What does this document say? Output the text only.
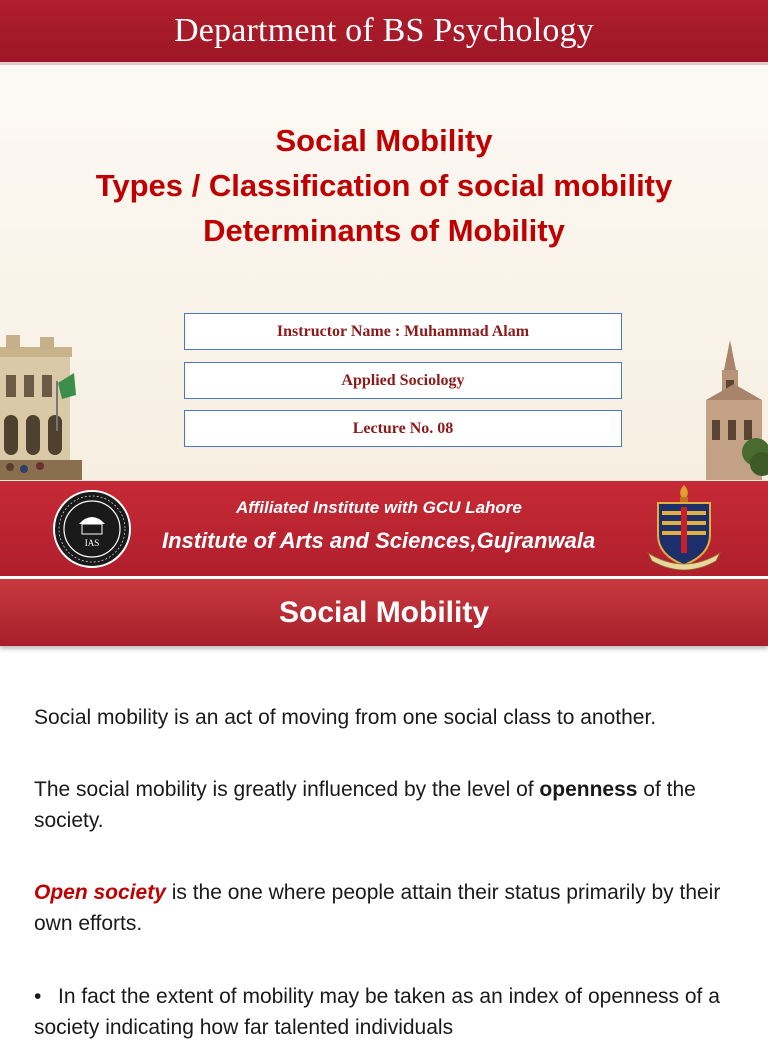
Department of BS Psychology
Social Mobility
Types / Classification of social mobility
Determinants of Mobility
Instructor Name : Muhammad Alam
Applied Sociology
Lecture No. 08
IAS
Affiliated Institute with GCU Lahore
Institute of Arts and Sciences,Gujranwala
Social Mobility
Social mobility is an act of moving from one social class to another.
The social mobility is greatly influenced by the level of openness of the society.
Open society is the one where people attain their status primarily by their own efforts.
• In fact the extent of mobility may be taken as an index of openness of a society indicating how far talented individuals
